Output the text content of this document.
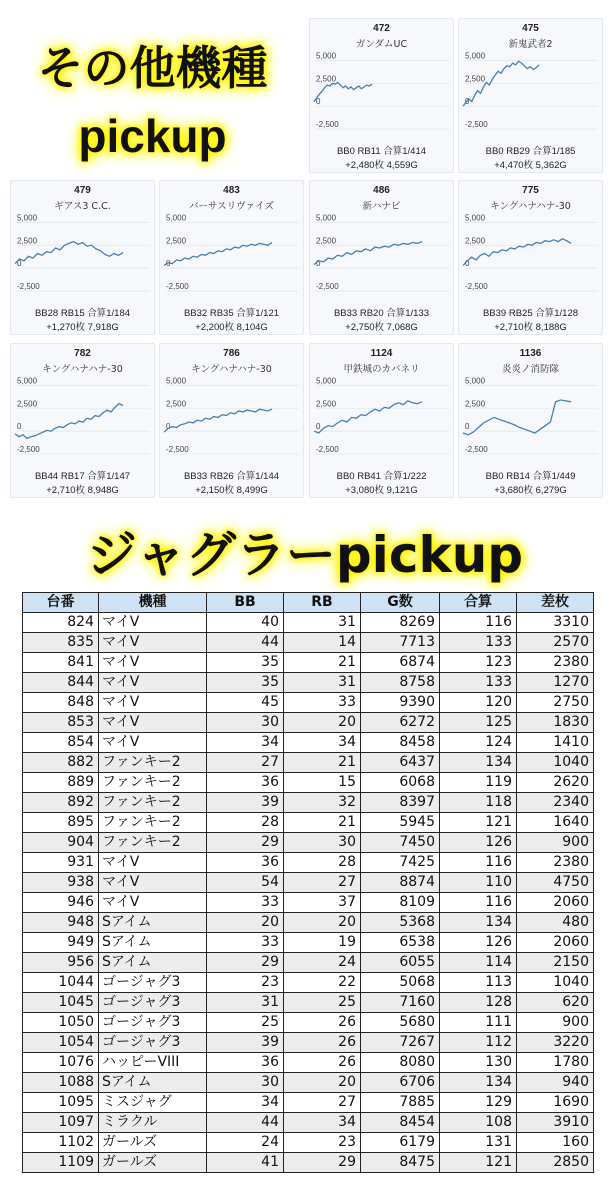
その他機種
pickup
ジャグラーpickup
472
ガンダムUC
5,000
2,500
0
-2,500
BB0 RB11 合算1/414
+2,480枚 4,559G
475
新鬼武者2
5,000
2,500
0
-2,500
BB0 RB29 合算1/185
+4,470枚 5,362G
479
ギアス3 C.C.
5,000
2,500
0
-2,500
BB28 RB15 合算1/184
+1,270枚 7,918G
483
バーサスリヴァイズ
5,000
2,500
0
-2,500
BB32 RB35 合算1/121
+2,200枚 8,104G
486
新ハナビ
5,000
2,500
0
-2,500
BB33 RB20 合算1/133
+2,750枚 7,068G
775
キングハナハナ-30
5,000
2,500
0
-2,500
BB39 RB25 合算1/128
+2,710枚 8,188G
782
キングハナハナ-30
5,000
2,500
0
-2,500
BB44 RB17 合算1/147
+2,710枚 8,948G
786
キングハナハナ-30
5,000
2,500
0
-2,500
BB33 RB26 合算1/144
+2,150枚 8,499G
1124
甲鉄城のカバネリ
5,000
2,500
0
-2,500
BB0 RB41 合算1/222
+3,080枚 9,121G
1136
炎炎ノ消防隊
5,000
2,500
0
-2,500
BB0 RB14 合算1/449
+3,680枚 6,279G
台番	機種	BB	RB	G数	合算	差枚
824	マイV	40	31	8269	116	3310
835	マイV	44	14	7713	133	2570
841	マイV	35	21	6874	123	2380
844	マイV	35	31	8758	133	1270
848	マイV	45	33	9390	120	2750
853	マイV	30	20	6272	125	1830
854	マイV	34	34	8458	124	1410
882	ファンキー2	27	21	6437	134	1040
889	ファンキー2	36	15	6068	119	2620
892	ファンキー2	39	32	8397	118	2340
895	ファンキー2	28	21	5945	121	1640
904	ファンキー2	29	30	7450	126	900
931	マイV	36	28	7425	116	2380
938	マイV	54	27	8874	110	4750
946	マイV	33	37	8109	116	2060
948	Sアイム	20	20	5368	134	480
949	Sアイム	33	19	6538	126	2060
956	Sアイム	29	24	6055	114	2150
1044	ゴージャグ3	23	22	5068	113	1040
1045	ゴージャグ3	31	25	7160	128	620
1050	ゴージャグ3	25	26	5680	111	900
1054	ゴージャグ3	39	26	7267	112	3220
1076	ハッピーVIII	36	26	8080	130	1780
1088	Sアイム	30	20	6706	134	940
1095	ミスジャグ	34	27	7885	129	1690
1097	ミラクル	44	34	8454	108	3910
1102	ガールズ	24	23	6179	131	160
1109	ガールズ	41	29	8475	121	2850
